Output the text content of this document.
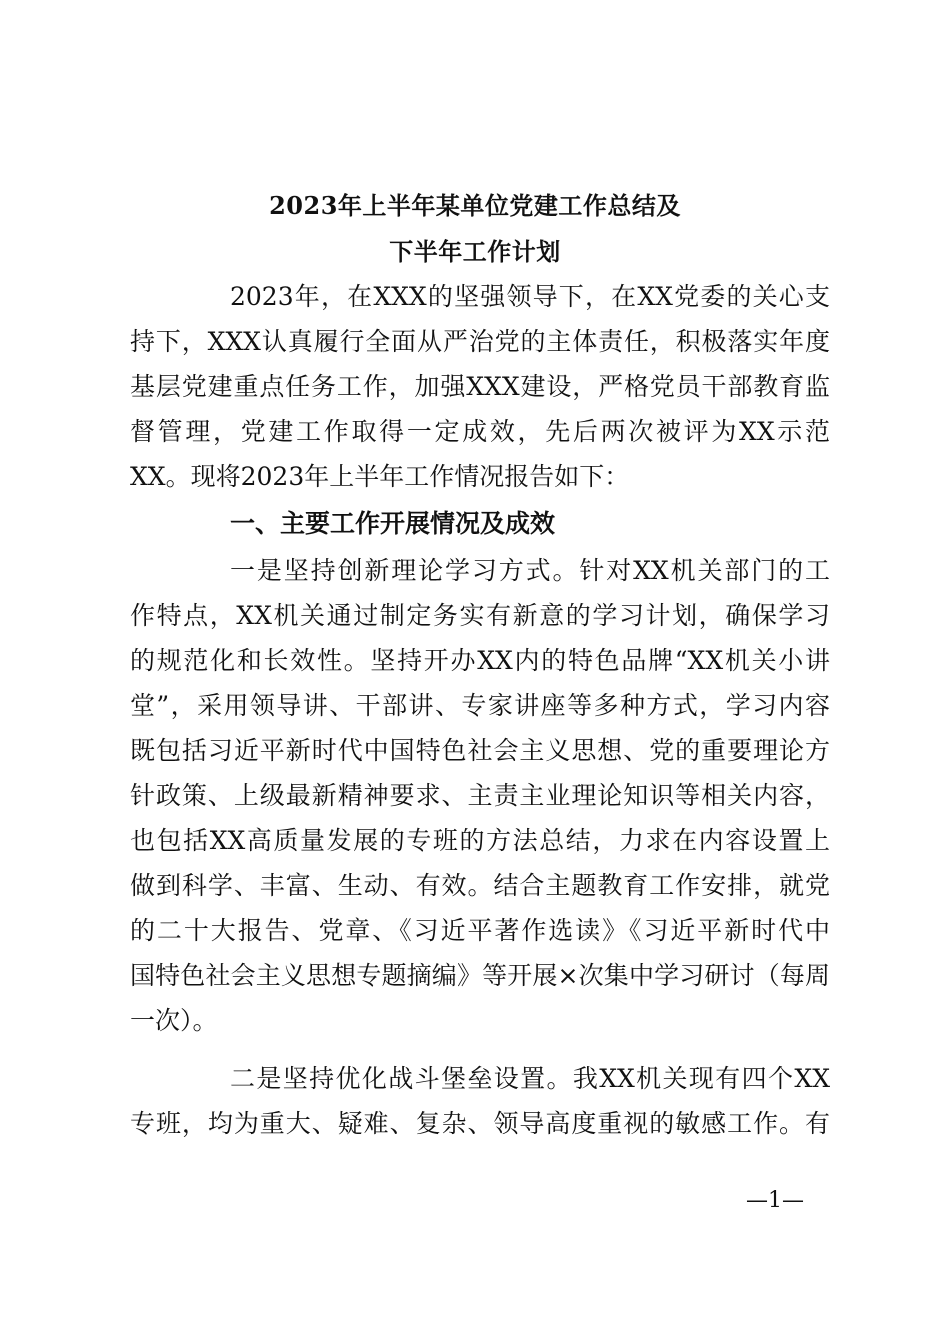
2023年上半年某单位党建工作总结及
下半年工作计划
2023年，在XXX的坚强领导下，在XX党委的关心支
持下，XXX认真履行全面从严治党的主体责任，积极落实年度
基层党建重点任务工作，加强XXX建设，严格党员干部教育监
督管理，党建工作取得一定成效，先后两次被评为XX示范
XX。现将2023年上半年工作情况报告如下：
一、主要工作开展情况及成效
一是坚持创新理论学习方式。针对XX机关部门的工
作特点，XX机关通过制定务实有新意的学习计划，确保学习
的规范化和长效性。坚持开办XX内的特色品牌“XX机关小讲
堂”，采用领导讲、干部讲、专家讲座等多种方式，学习内容
既包括习近平新时代中国特色社会主义思想、党的重要理论方
针政策、上级最新精神要求、主责主业理论知识等相关内容，
也包括XX高质量发展的专班的方法总结，力求在内容设置上
做到科学、丰富、生动、有效。结合主题教育工作安排，就党
的二十大报告、党章、《习近平著作选读》《习近平新时代中
国特色社会主义思想专题摘编》等开展×次集中学习研讨（每周
一次）。
二是坚持优化战斗堡垒设置。我XX机关现有四个XX
专班，均为重大、疑难、复杂、领导高度重视的敏感工作。有
—1—
